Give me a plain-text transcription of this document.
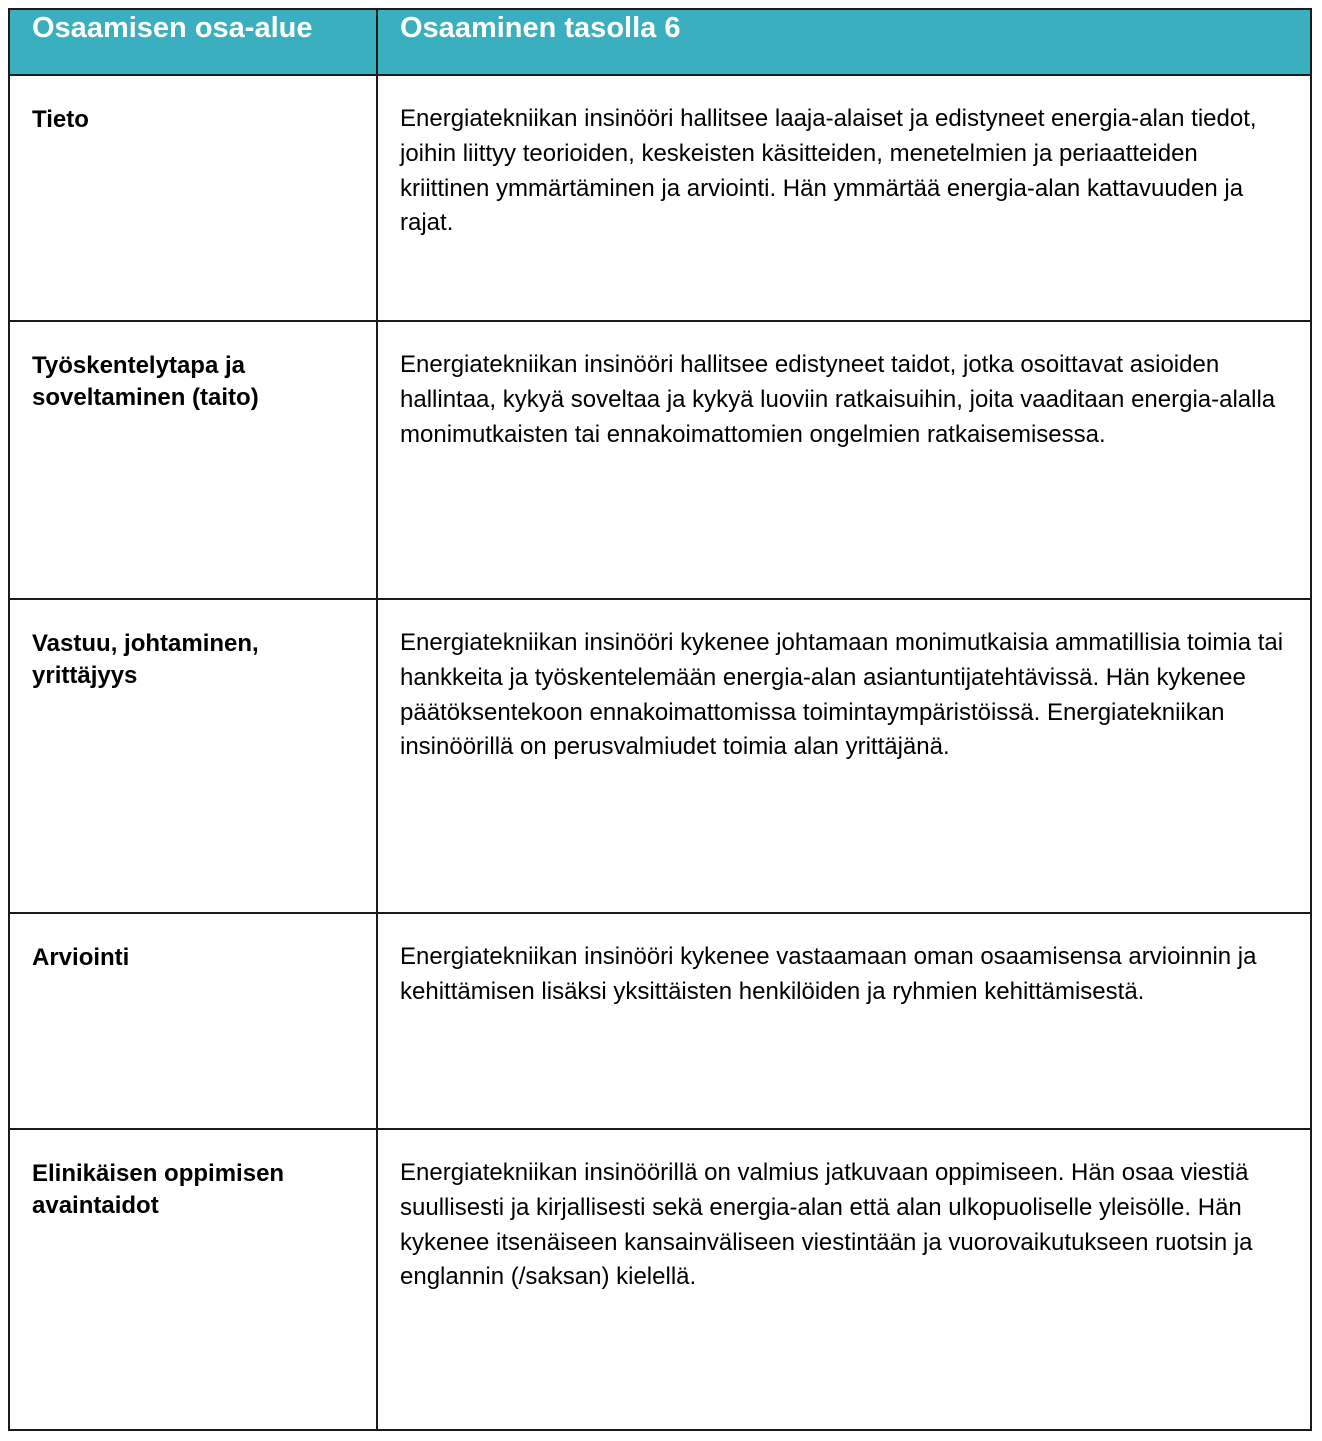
Osaamisen osa-alue	Osaaminen tasolla 6
Tieto	Energiatekniikan insinööri hallitsee laaja-alaiset ja edistyneet energia-alan tiedot, joihin liittyy teorioiden, keskeisten käsitteiden, menetelmien ja periaatteiden kriittinen ymmärtäminen ja arviointi. Hän ymmärtää energia-alan kattavuuden ja rajat.
Työskentelytapa ja soveltaminen (taito)	Energiatekniikan insinööri hallitsee edistyneet taidot, jotka osoittavat asioiden hallintaa, kykyä soveltaa ja kykyä luoviin ratkaisuihin, joita vaaditaan energia-alalla monimutkaisten tai ennakoimattomien ongelmien ratkaisemisessa.
Vastuu, johtaminen, yrittäjyys	Energiatekniikan insinööri kykenee johtamaan monimutkaisia ammatillisia toimia tai hankkeita ja työskentelemään energia-alan asiantuntijatehtävissä. Hän kykenee päätöksentekoon ennakoimattomissa toimintaympäristöissä. Energiatekniikan insinöörillä on perusvalmiudet toimia alan yrittäjänä.
Arviointi	Energiatekniikan insinööri kykenee vastaamaan oman osaamisensa arvioinnin ja kehittämisen lisäksi yksittäisten henkilöiden ja ryhmien kehittämisestä.
Elinikäisen oppimisen avaintaidot	Energiatekniikan insinöörillä on valmius jatkuvaan oppimiseen. Hän osaa viestiä suullisesti ja kirjallisesti sekä energia-alan että alan ulkopuoliselle yleisölle. Hän kykenee itsenäiseen kansainväliseen viestintään ja vuorovaikutukseen ruotsin ja englannin (/saksan) kielellä.
